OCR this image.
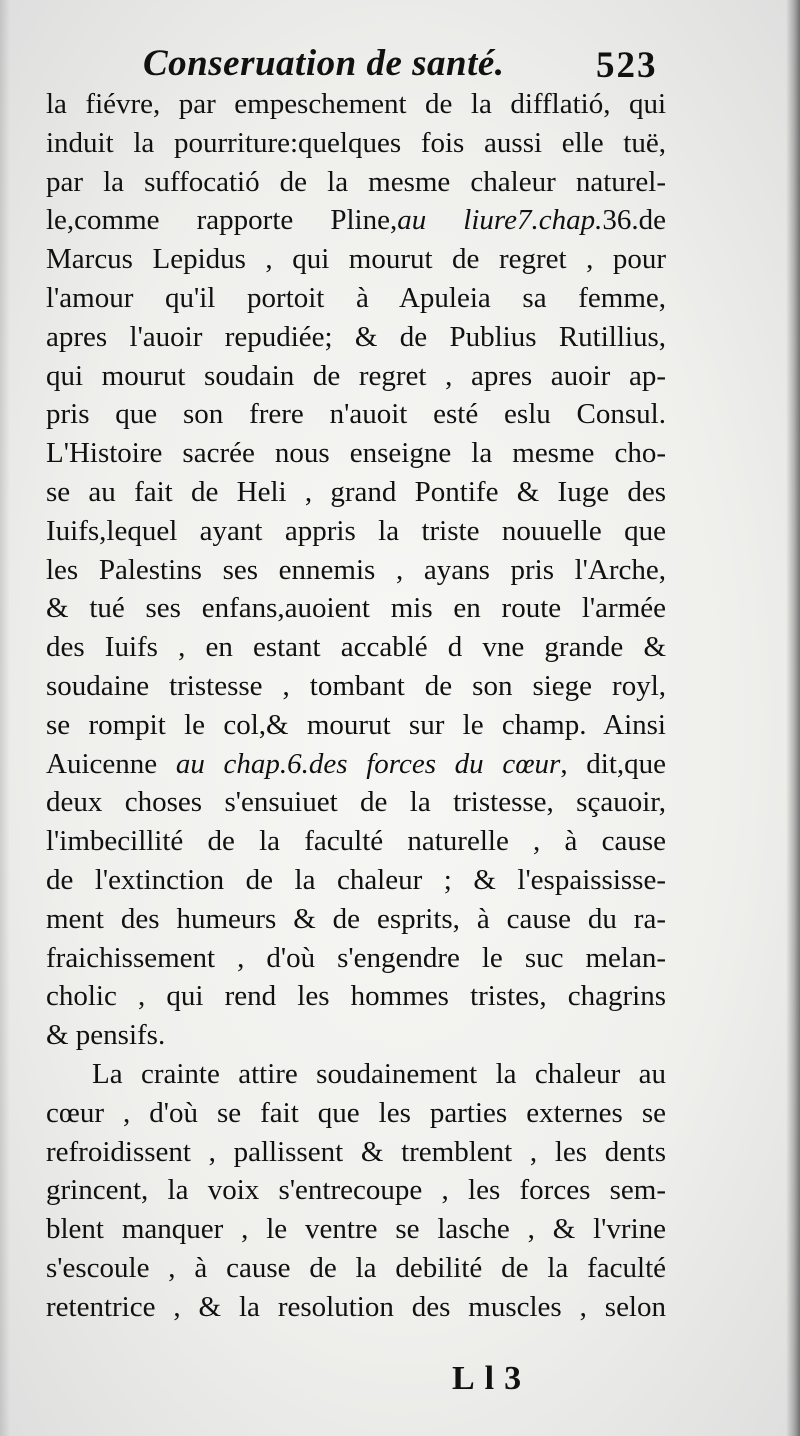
Conseruation de santé. 523
la fiévre, par empeschement de la difflatió, qui
induit la pourriture:quelques fois aussi elle tuë,
par la suffocatió de la mesme chaleur naturel-
le,comme rapporte Pline,au liure7.chap.36.de
Marcus Lepidus , qui mourut de regret , pour
l'amour qu'il portoit à Apuleia sa femme,
apres l'auoir repudiée; & de Publius Rutillius,
qui mourut soudain de regret , apres auoir ap-
pris que son frere n'auoit esté eslu Consul.
L'Histoire sacrée nous enseigne la mesme cho-
se au fait de Heli , grand Pontife & Iuge des
Iuifs,lequel ayant appris la triste nouuelle que
les Palestins ses ennemis , ayans pris l'Arche,
& tué ses enfans,auoient mis en route l'armée
des Iuifs , en estant accablé d vne grande &
soudaine tristesse , tombant de son siege royl,
se rompit le col,& mourut sur le champ. Ainsi
Auicenne au chap.6.des forces du cœur, dit,que
deux choses s'ensuiuet de la tristesse, sçauoir,
l'imbecillité de la faculté naturelle , à cause
de l'extinction de la chaleur ; & l'espaississe-
ment des humeurs & de esprits, à cause du ra-
fraichissement , d'où s'engendre le suc melan-
cholic , qui rend les hommes tristes, chagrins
& pensifs.
La crainte attire soudainement la chaleur au
cœur , d'où se fait que les parties externes se
refroidissent , pallissent & tremblent , les dents
grincent, la voix s'entrecoupe , les forces sem-
blent manquer , le ventre se lasche , & l'vrine
s'escoule , à cause de la debilité de la faculté
retentrice , & la resolution des muscles , selon
Ll3
